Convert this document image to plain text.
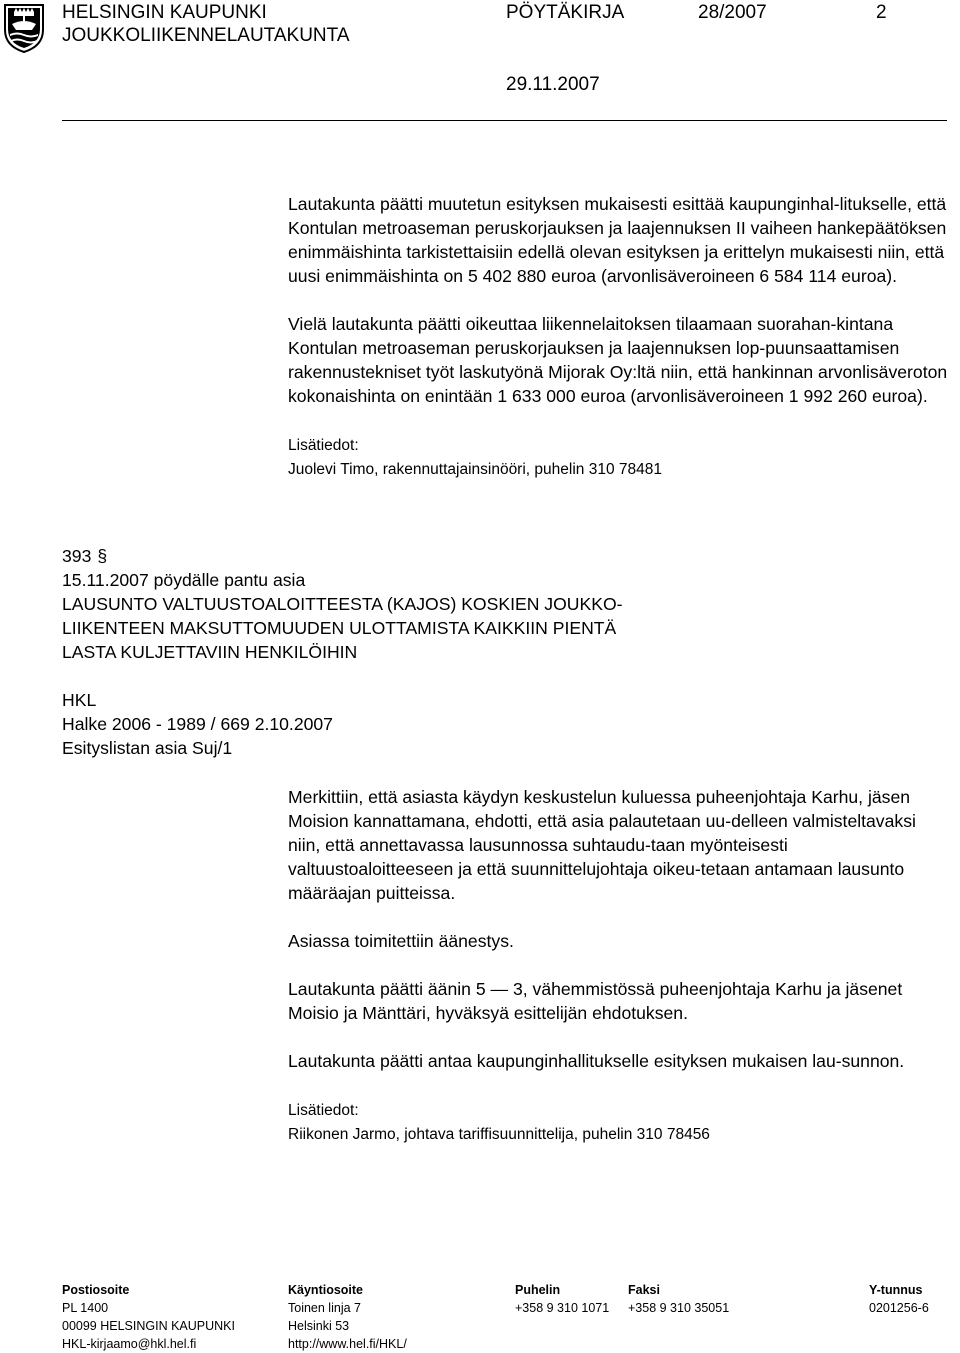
HELSINGIN KAUPUNKI
JOUKKOLIIKENNELAUTAKUNTA
PÖYTÄKIRJA	28/2007	2
29.11.2007

Lautakunta päätti muutetun esityksen mukaisesti esittää kaupunginhal-litukselle, että Kontulan metroaseman peruskorjauksen ja laajennuksen II vaiheen hankepäätöksen enimmäishinta tarkistettaisiin edellä olevan esityksen ja erittelyn mukaisesti niin, että uusi enimmäishinta on 5 402 880 euroa (arvonlisäveroineen 6 584 114 euroa).

Vielä lautakunta päätti oikeuttaa liikennelaitoksen tilaamaan suorahan-kintana Kontulan metroaseman peruskorjauksen ja laajennuksen lop-puunsaattamisen rakennustekniset työt laskutyönä Mijorak Oy:ltä niin, että hankinnan arvonlisäveroton kokonaishinta on enintään 1 633 000 euroa (arvonlisäveroineen 1 992 260 euroa).

Lisätiedot:
Juolevi Timo, rakennuttajainsinööri, puhelin 310 78481
393 §
15.11.2007 pöydälle pantu asia
LAUSUNTO VALTUUSTOALOITTEESTA (KAJOS) KOSKIEN JOUKKO-
LIIKENTEEN MAKSUTTOMUUDEN ULOTTAMISTA KAIKKIIN PIENTÄ
LASTA KULJETTAVIIN HENKILÖIHIN
HKL
Halke 2006 - 1989 / 669 2.10.2007
Esityslistan asia Suj/1

Merkittiin, että asiasta käydyn keskustelun kuluessa puheenjohtaja Karhu, jäsen Moision kannattamana, ehdotti, että asia palautetaan uu-delleen valmisteltavaksi niin, että annettavassa lausunnossa suhtaudu-taan myönteisesti valtuustoaloitteeseen ja että suunnittelujohtaja oikeu-tetaan antamaan lausunto määräajan puitteissa.

Asiassa toimitettiin äänestys.

Lautakunta päätti äänin 5 — 3, vähemmistössä puheenjohtaja Karhu ja jäsenet Moisio ja Mänttäri, hyväksyä esittelijän ehdotuksen.

Lautakunta päätti antaa kaupunginhallitukselle esityksen mukaisen lau-sunnon.

Lisätiedot:
Riikonen Jarmo, johtava tariffisuunnittelija, puhelin 310 78456
Postiosoite
PL 1400
00099 HELSINGIN KAUPUNKI
HKL-kirjaamo@hkl.hel.fi
Käyntiosoite
Toinen linja 7
Helsinki 53
http://www.hel.fi/HKL/
Puhelin
+358 9 310 1071
Faksi
+358 9 310 35051
Y-tunnus
0201256-6
